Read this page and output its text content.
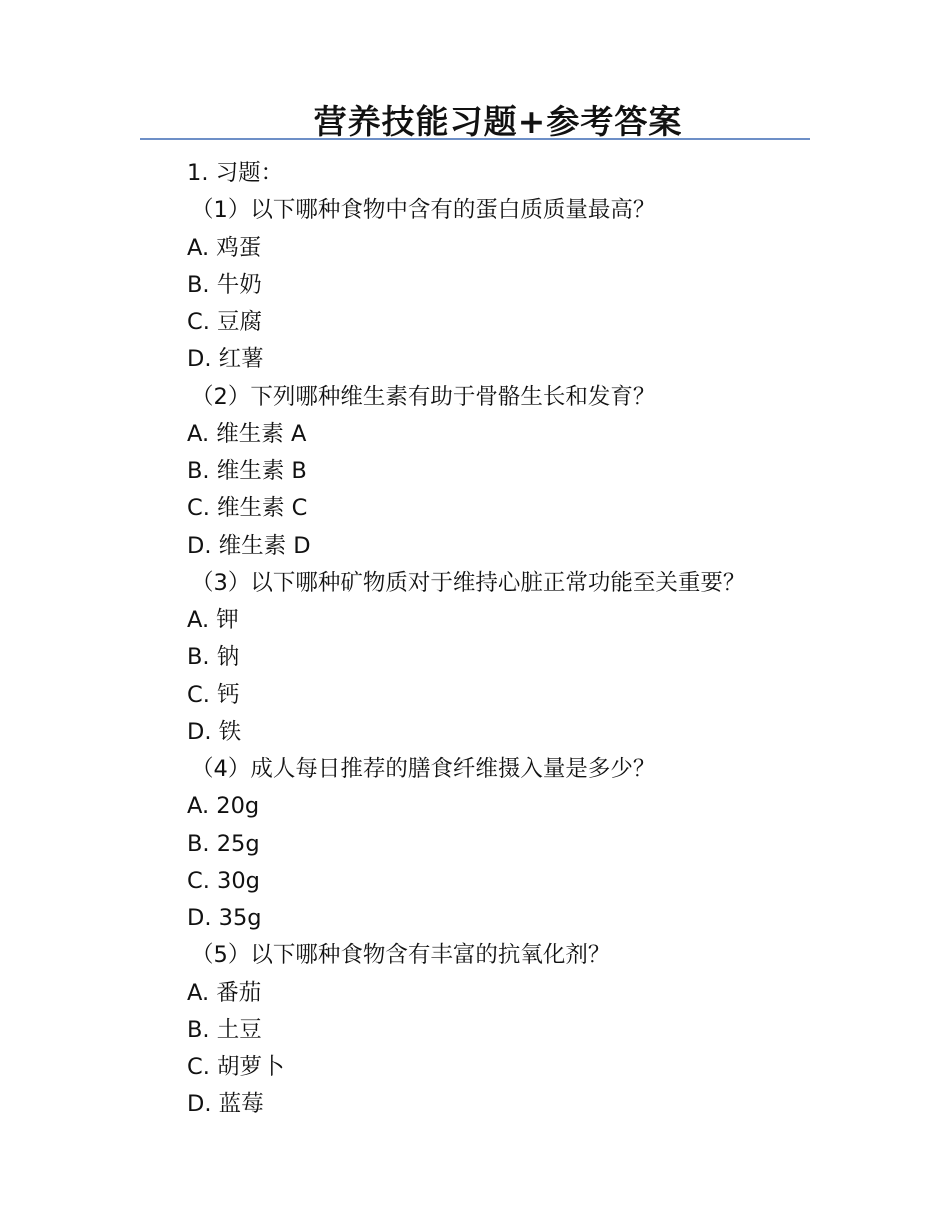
营养技能习题+参考答案
1. 习题：
（1）以下哪种食物中含有的蛋白质质量最高？
A. 鸡蛋
B. 牛奶
C. 豆腐
D. 红薯
（2）下列哪种维生素有助于骨骼生长和发育？
A. 维生素 A
B. 维生素 B
C. 维生素 C
D. 维生素 D
（3）以下哪种矿物质对于维持心脏正常功能至关重要？
A. 钾
B. 钠
C. 钙
D. 铁
（4）成人每日推荐的膳食纤维摄入量是多少？
A. 20g
B. 25g
C. 30g
D. 35g
（5）以下哪种食物含有丰富的抗氧化剂？
A. 番茄
B. 土豆
C. 胡萝卜
D. 蓝莓
